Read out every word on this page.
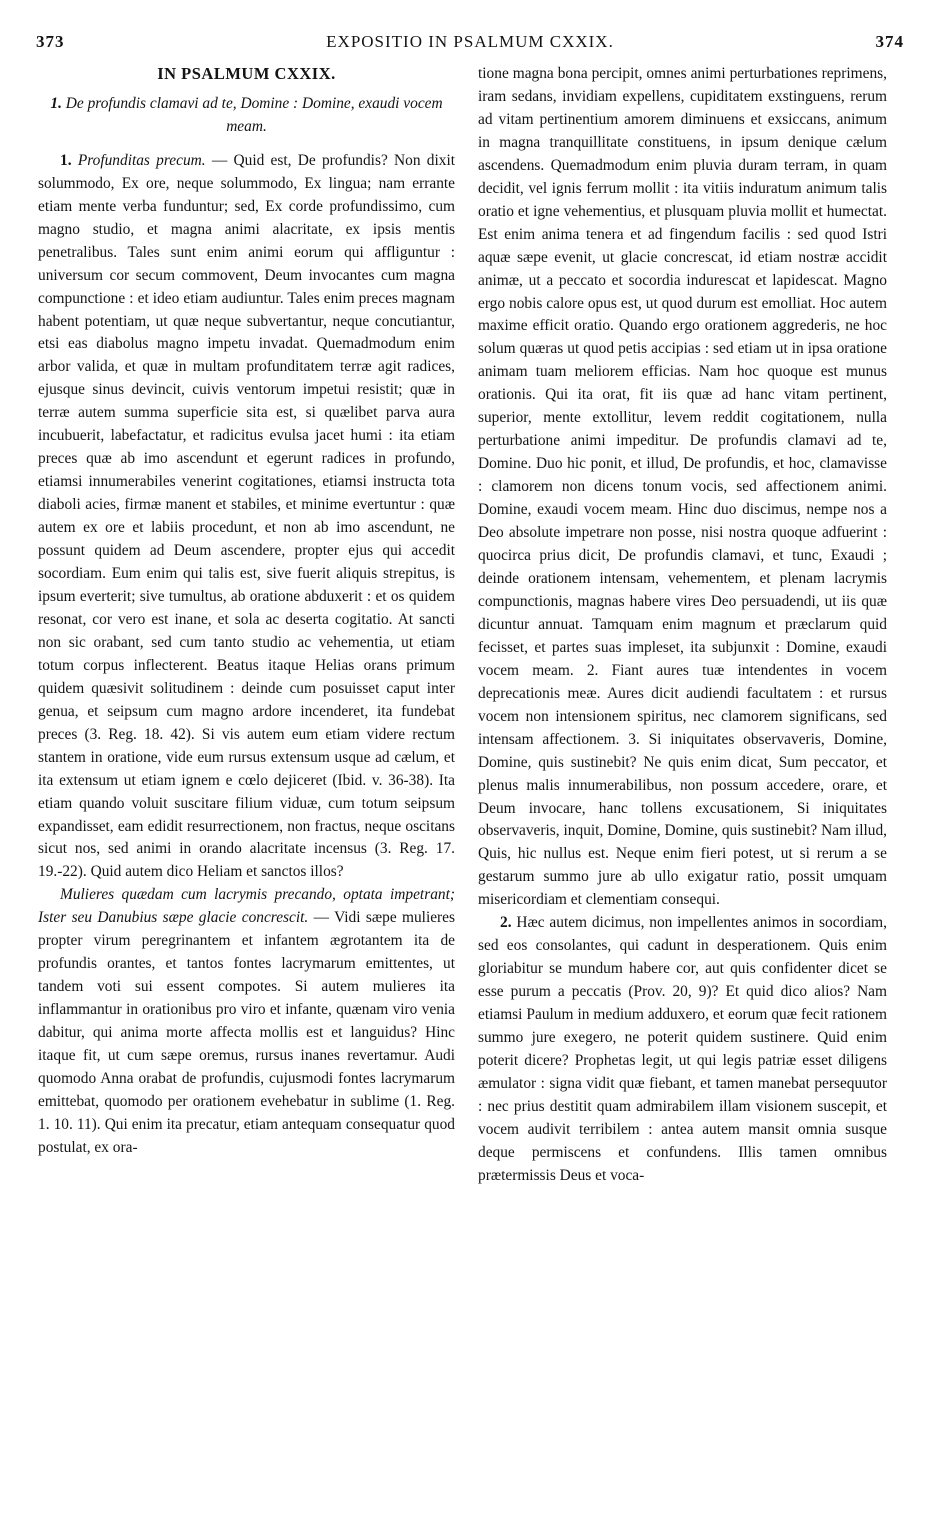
373	EXPOSITIO IN PSALMUM CXXIX.	374
IN PSALMUM CXXIX.

1. De profundis clamavi ad te, Domine : Domine, exaudi vocem meam.

1. Profunditas precum. — Quid est, De profundis? Non dixit solummodo, Ex ore, neque solummodo, Ex lingua; nam errante etiam mente verba funduntur; sed, Ex corde profundissimo, cum magno studio, et magna animi alacritate, ex ipsis mentis penetralibus. Tales sunt enim animi eorum qui affliguntur : universum cor secum commovent, Deum invocantes cum magna compunctione : et ideo etiam audiuntur. Tales enim preces magnam habent potentiam, ut quæ neque subvertantur, neque concutiantur, etsi eas diabolus magno impetu invadat. Quemadmodum enim arbor valida, et quæ in multam profunditatem terræ agit radices, ejusque sinus devincit, cuivis ventorum impetui resistit; quæ in terræ autem summa superficie sita est, si quælibet parva aura incubuerit, labefactatur, et radicitus evulsa jacet humi : ita etiam preces quæ ab imo ascendunt et egerunt radices in profundo, etiamsi innumerabiles venerint cogitationes, etiamsi instructa tota diaboli acies, firmæ manent et stabiles, et minime evertuntur : quæ autem ex ore et labiis procedunt, et non ab imo ascendunt, ne possunt quidem ad Deum ascendere, propter ejus qui accedit socordiam. Eum enim qui talis est, sive fuerit aliquis strepitus, is ipsum everterit; sive tumultus, ab oratione abduxerit : et os quidem resonat, cor vero est inane, et sola ac deserta cogitatio. At sancti non sic orabant, sed cum tanto studio ac vehementia, ut etiam totum corpus inflecterent. Beatus itaque Helias orans primum quidem quæsivit solitudinem : deinde cum posuisset caput inter genua, et seipsum cum magno ardore incenderet, ita fundebat preces (3. Reg. 18. 42). Si vis autem eum etiam videre rectum stantem in oratione, vide eum rursus extensum usque ad cælum, et ita extensum ut etiam ignem e cœlo dejiceret (Ibid. v. 36-38). Ita etiam quando voluit suscitare filium viduæ, cum totum seipsum expandisset, eam edidit resurrectionem, non fractus, neque oscitans sicut nos, sed animi in orando alacritate incensus (3. Reg. 17. 19.-22). Quid autem dico Heliam et sanctos illos?

Mulieres quædam cum lacrymis precando, optata impetrant; Ister seu Danubius sæpe glacie concrescit. — Vidi sæpe mulieres propter virum peregrinantem et infantem ægrotantem ita de profundis orantes, et tantos fontes lacrymarum emittentes, ut tandem voti sui essent compotes. Si autem mulieres ita inflammantur in orationibus pro viro et infante, quænam viro venia dabitur, qui anima morte affecta mollis est et languidus? Hinc itaque fit, ut cum sæpe oremus, rursus inanes revertamur. Audi quomodo Anna orabat de profundis, cujusmodi fontes lacrymarum emittebat, quomodo per orationem evehebatur in sublime (1. Reg. 1. 10. 11). Qui enim ita precatur, etiam antequam consequatur quod postulat, ex ora-

tione magna bona percipit, omnes animi perturbationes reprimens, iram sedans, invidiam expellens, cupiditatem exstinguens, rerum ad vitam pertinentium amorem diminuens et exsiccans, animum in magna tranquillitate constituens, in ipsum denique cælum ascendens. Quemadmodum enim pluvia duram terram, in quam decidit, vel ignis ferrum mollit : ita vitiis induratum animum talis oratio et igne vehementius, et plusquam pluvia mollit et humectat. Est enim anima tenera et ad fingendum facilis : sed quod Istri aquæ sæpe evenit, ut glacie concrescat, id etiam nostræ accidit animæ, ut a peccato et socordia indurescat et lapidescat. Magno ergo nobis calore opus est, ut quod durum est emolliat. Hoc autem maxime efficit oratio. Quando ergo orationem aggrederis, ne hoc solum quæras ut quod petis accipias : sed etiam ut in ipsa oratione animam tuam meliorem efficias. Nam hoc quoque est munus orationis. Qui ita orat, fit iis quæ ad hanc vitam pertinent, superior, mente extollitur, levem reddit cogitationem, nulla perturbatione animi impeditur. De profundis clamavi ad te, Domine. Duo hic ponit, et illud, De profundis, et hoc, clamavisse : clamorem non dicens tonum vocis, sed affectionem animi. Domine, exaudi vocem meam. Hinc duo discimus, nempe nos a Deo absolute impetrare non posse, nisi nostra quoque adfuerint : quocirca prius dicit, De profundis clamavi, et tunc, Exaudi ; deinde orationem intensam, vehementem, et plenam lacrymis compunctionis, magnas habere vires Deo persuadendi, ut iis quæ dicuntur annuat. Tamquam enim magnum et præclarum quid fecisset, et partes suas impleset, ita subjunxit : Domine, exaudi vocem meam. 2. Fiant aures tuæ intendentes in vocem deprecationis meæ. Aures dicit audiendi facultatem : et rursus vocem non intensionem spiritus, nec clamorem significans, sed intensam affectionem. 3. Si iniquitates observaveris, Domine, Domine, quis sustinebit? Ne quis enim dicat, Sum peccator, et plenus malis innumerabilibus, non possum accedere, orare, et Deum invocare, hanc tollens excusationem, Si iniquitates observaveris, inquit, Domine, Domine, quis sustinebit? Nam illud, Quis, hic nullus est. Neque enim fieri potest, ut si rerum a se gestarum summo jure ab ullo exigatur ratio, possit umquam misericordiam et clementiam consequi.

2. Hæc autem dicimus, non impellentes animos in socordiam, sed eos consolantes, qui cadunt in desperationem. Quis enim gloriabitur se mundum habere cor, aut quis confidenter dicet se esse purum a peccatis (Prov. 20, 9)? Et quid dico alios? Nam etiamsi Paulum in medium adduxero, et eorum quæ fecit rationem summo jure exegero, ne poterit quidem sustinere. Quid enim poterit dicere? Prophetas legit, ut qui legis patriæ esset diligens æmulator : signa vidit quæ fiebant, et tamen manebat persequutor : nec prius destitit quam admirabilem illam visionem suscepit, et vocem audivit terribilem : antea autem mansit omnia susque deque permiscens et confundens. Illis tamen omnibus prætermissis Deus et voca-
